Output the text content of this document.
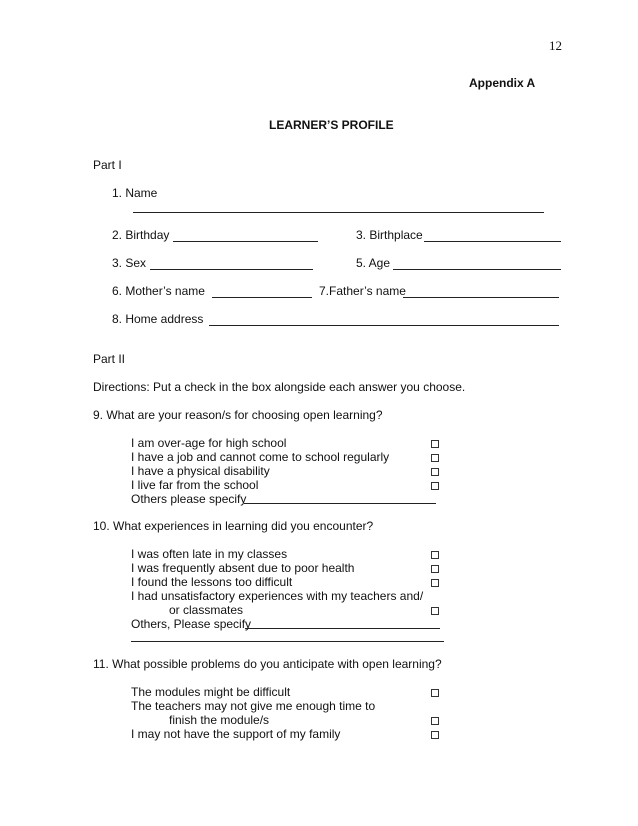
12
Appendix A
LEARNER’S PROFILE
Part I
1. Name
2. Birthday	3. Birthplace
3. Sex	5. Age
6. Mother’s name	7.Father’s name
8. Home address
Part II
Directions: Put a check in the box alongside each answer you choose.
9. What are your reason/s for choosing open learning?
I am over-age for high school
I have a job and cannot come to school regularly
I have a physical disability
I live far from the school
Others please specify
10. What experiences in learning did you encounter?
I was often late in my classes
I was frequently absent due to poor health
I found the lessons too difficult
I had unsatisfactory experiences with my teachers and/
or classmates
Others, Please specify
11. What possible problems do you anticipate with open learning?
The modules might be difficult
The teachers may not give me enough time to
finish the module/s
I may not have the support of my family
